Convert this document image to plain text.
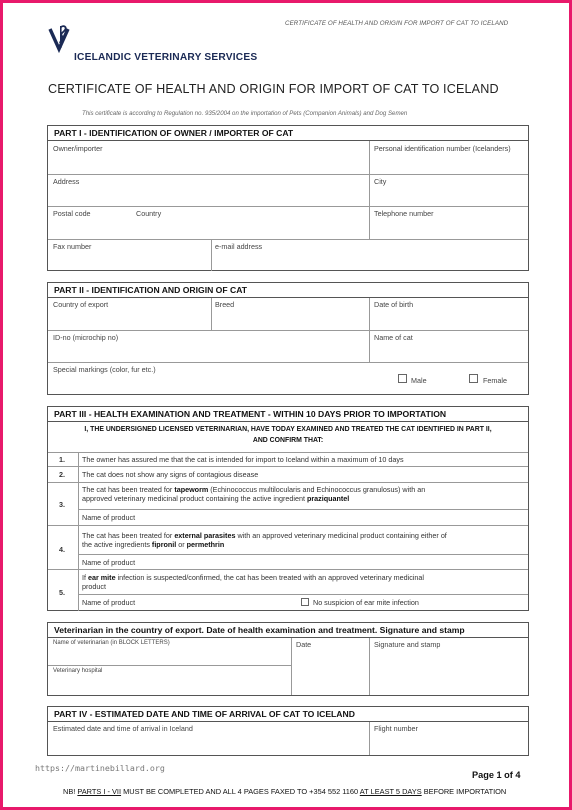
CERTIFICATE OF HEALTH AND ORIGIN FOR IMPORT OF CAT TO ICELAND
ICELANDIC VETERINARY SERVICES
CERTIFICATE OF HEALTH AND ORIGIN FOR IMPORT OF CAT TO ICELAND
This certificate is according to Regulation no. 935/2004 on the importation of Pets (Companion Animals) and Dog Semen
PART I - IDENTIFICATION OF OWNER / IMPORTER OF CAT
Owner/importer	Personal identification number (Icelanders)
Address	City
Postal code	Country	Telephone number
Fax number	e-mail address
PART II - IDENTIFICATION AND ORIGIN OF CAT
Country of export	Breed	Date of birth
ID-no (microchip no)	Name of cat
Special markings (color, fur etc.)
Male	Female
PART III - HEALTH EXAMINATION AND TREATMENT - WITHIN 10 DAYS PRIOR TO IMPORTATION
I, THE UNDERSIGNED LICENSED VETERINARIAN, HAVE TODAY EXAMINED AND TREATED THE CAT IDENTIFIED IN PART II,
AND CONFIRM THAT:
1. The owner has assured me that the cat is intended for import to Iceland within a maximum of 10 days
2. The cat does not show any signs of contagious disease
3.
The cat has been treated for tapeworm (Echinococcus multilocularis and Echinococcus granulosus) with an
approved veterinary medicinal product containing the active ingredient praziquantel
Name of product
4.
The cat has been treated for external parasites with an approved veterinary medicinal product containing either of
the active ingredients fipronil or permethrin
Name of product
5.
If ear mite infection is suspected/confirmed, the cat has been treated with an approved veterinary medicinal
product
Name of product	No suspicion of ear mite infection
Veterinarian in the country of export. Date of health examination and treatment. Signature and stamp
Name of veterinarian (in BLOCK LETTERS)	Date	Signature and stamp
Veterinary hospital
PART IV - ESTIMATED DATE AND TIME OF ARRIVAL OF CAT TO ICELAND
Estimated date and time of arrival in Iceland	Flight number
https://martinebillard.org
Page 1 of 4
NB! PARTS I - VII MUST BE COMPLETED AND ALL 4 PAGES FAXED TO +354 552 1160 AT LEAST 5 DAYS BEFORE IMPORTATION
